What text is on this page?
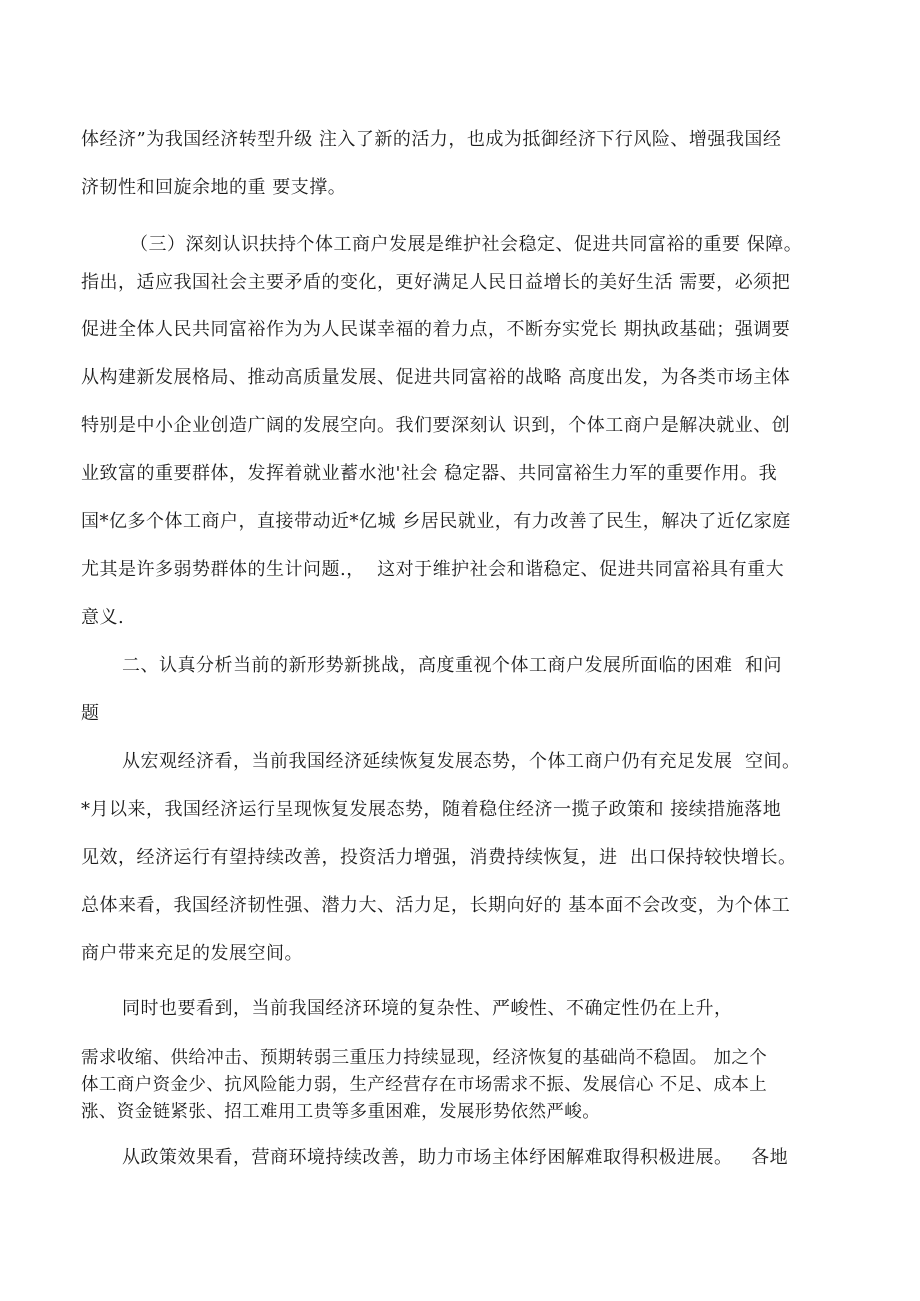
体经济”为我国经济转型升级 注入了新的活力，也成为抵御经济下行风险、增强我国经
济韧性和回旋余地的重 要支撑。
（三）深刻认识扶持个体工商户发展是维护社会稳定、促进共同富裕的重要 保障。
指出，适应我国社会主要矛盾的变化，更好满足人民日益增长的美好生活 需要，必须把
促进全体人民共同富裕作为为人民谋幸福的着力点，不断夯实党长 期执政基础；强调要
从构建新发展格局、推动高质量发展、促进共同富裕的战略 高度出发，为各类市场主体
特别是中小企业创造广阔的发展空向。我们要深刻认 识到，个体工商户是解决就业、创
业致富的重要群体，发挥着就业蓄水池'社会 稳定器、共同富裕生力军的重要作用。我
国*亿多个体工商户，直接带动近*亿城 乡居民就业，有力改善了民生，解决了近亿家庭
尤其是许多弱势群体的生计问题.，  这对于维护社会和谐稳定、促进共同富裕具有重大
意义.
二、认真分析当前的新形势新挑战，高度重视个体工商户发展所面临的困难  和问
题
从宏观经济看，当前我国经济延续恢复发展态势，个体工商户仍有充足发展  空间。
*月以来，我国经济运行呈现恢复发展态势，随着稳住经济一揽子政策和 接续措施落地
见效，经济运行有望持续改善，投资活力增强，消费持续恢复，进  出口保持较快增长。
总体来看，我国经济韧性强、潜力大、活力足，长期向好的 基本面不会改变，为个体工
商户带来充足的发展空间。
同时也要看到，当前我国经济环境的复杂性、严峻性、不确定性仍在上升，
需求收缩、供给冲击、预期转弱三重压力持续显现，经济恢复的基础尚不稳固。 加之个
体工商户资金少、抗风险能力弱，生产经营存在市场需求不振、发展信心 不足、成本上
涨、资金链紧张、招工难用工贵等多重困难，发展形势依然严峻。
从政策效果看，营商环境持续改善，助力市场主体纾困解难取得积极进展。   各地
